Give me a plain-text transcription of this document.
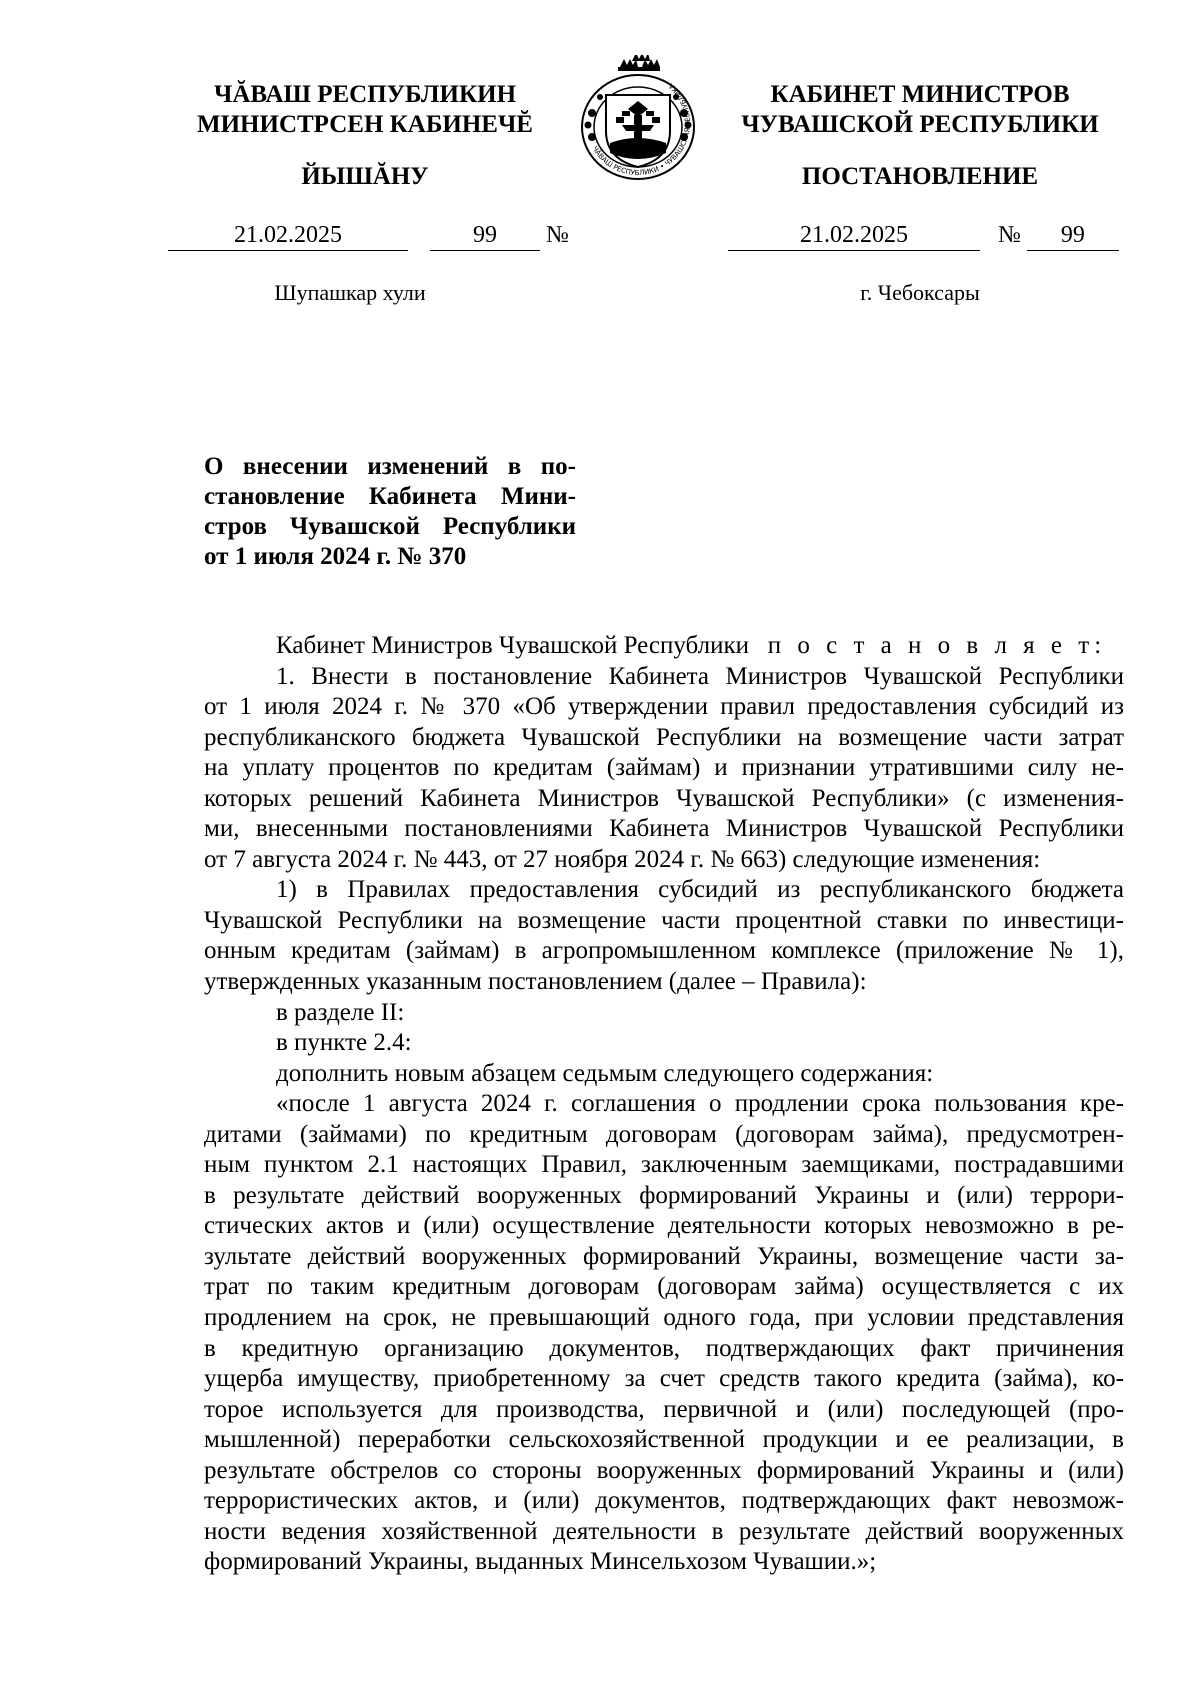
ЧĂВАШ РЕСПУБЛИКИН
МИНИСТРСЕН КАБИНЕЧĔ
ЙЫШĂНУ
ЧĂВАШ РЕСПУБЛИКИ • ЧУВАШСКАЯ РЕСПУБЛИКА	КАБИНЕТ МИНИСТРОВ
ЧУВАШСКОЙ РЕСПУБЛИКИ
ПОСТАНОВЛЕНИЕ
21.02.2025	99 №	21.02.2025	№ 99
Шупашкар хули	г. Чебоксары
О внесении изменений в по-
становление Кабинета Мини-
стров Чувашской Республики
от 1 июля 2024 г. № 370
Кабинет Министров Чувашской Республики п о с т а н о в л я е т:
1. Внести в постановление Кабинета Министров Чувашской Республики
от 1 июля 2024 г. № 370 «Об утверждении правил предоставления субсидий из
республиканского бюджета Чувашской Республики на возмещение части затрат
на уплату процентов по кредитам (займам) и признании утратившими силу не-
которых решений Кабинета Министров Чувашской Республики» (с изменения-
ми, внесенными постановлениями Кабинета Министров Чувашской Республики
от 7 августа 2024 г. № 443, от 27 ноября 2024 г. № 663) следующие изменения:
1) в Правилах предоставления субсидий из республиканского бюджета
Чувашской Республики на возмещение части процентной ставки по инвестици-
онным кредитам (займам) в агропромышленном комплексе (приложение № 1),
утвержденных указанным постановлением (далее – Правила):
в разделе II:
в пункте 2.4:
дополнить новым абзацем седьмым следующего содержания:
«после 1 августа 2024 г. соглашения о продлении срока пользования кре-
дитами (займами) по кредитным договорам (договорам займа), предусмотрен-
ным пунктом 2.1 настоящих Правил, заключенным заемщиками, пострадавшими
в результате действий вооруженных формирований Украины и (или) террори-
стических актов и (или) осуществление деятельности которых невозможно в ре-
зультате действий вооруженных формирований Украины, возмещение части за-
трат по таким кредитным договорам (договорам займа) осуществляется с их
продлением на срок, не превышающий одного года, при условии представления
в кредитную организацию документов, подтверждающих факт причинения
ущерба имуществу, приобретенному за счет средств такого кредита (займа), ко-
торое используется для производства, первичной и (или) последующей (про-
мышленной) переработки сельскохозяйственной продукции и ее реализации, в
результате обстрелов со стороны вооруженных формирований Украины и (или)
террористических актов, и (или) документов, подтверждающих факт невозмож-
ности ведения хозяйственной деятельности в результате действий вооруженных
формирований Украины, выданных Минсельхозом Чувашии.»;
